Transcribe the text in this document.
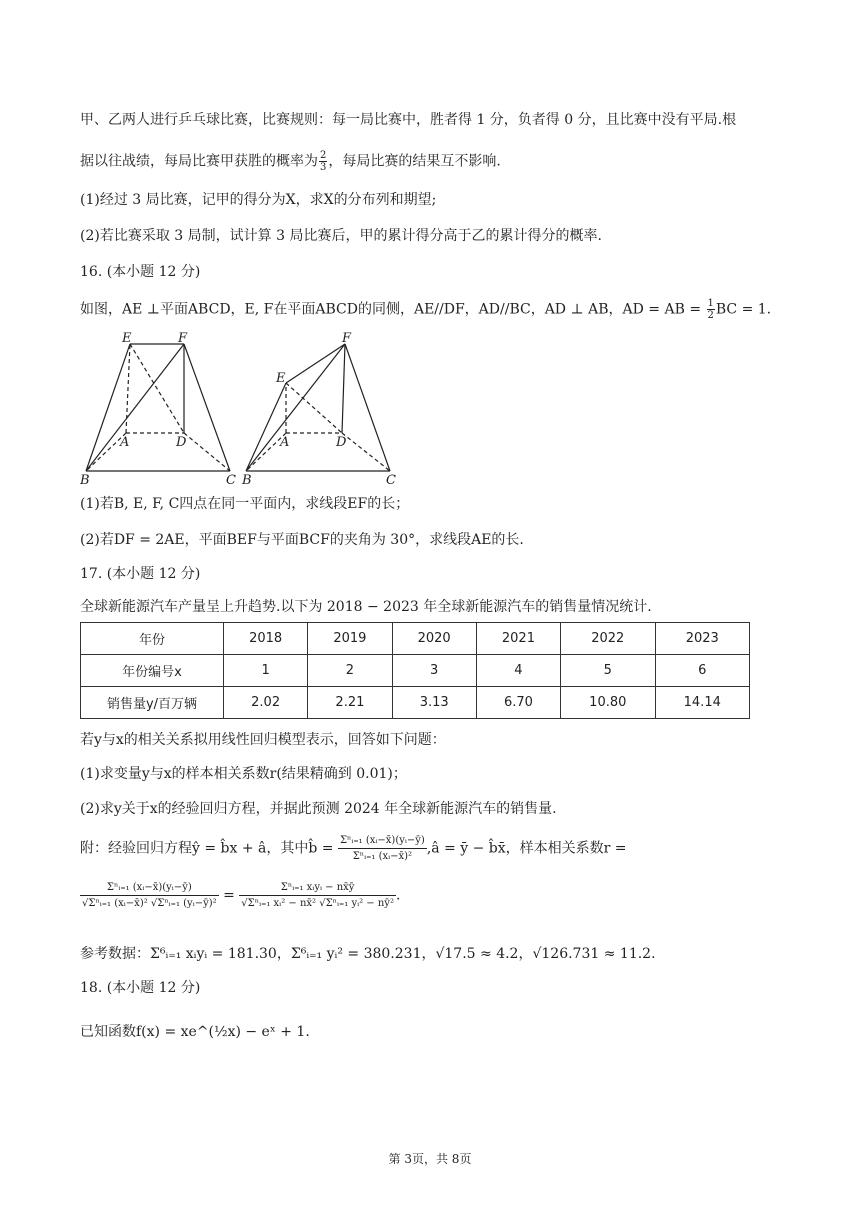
甲、乙两人进行乒乓球比赛，比赛规则：每一局比赛中，胜者得 1 分，负者得 0 分，且比赛中没有平局.根
据以往战绩，每局比赛甲获胜的概率为 $\frac{2}{3}$ ，每局比赛的结果互不影响.
(1)经过 3 局比赛，记甲的得分为X，求X的分布列和期望;
(2)若比赛采取 3 局制，试计算 3 局比赛后，甲的累计得分高于乙的累计得分的概率.
16. (本小题 12 分)
如图，AE ⊥平面ABCD，E, F在平面ABCD的同侧，AE//DF，AD//BC，AD ⊥ AB，AD = AB = $\frac{1}{2}$ BC = 1.
E	F
A	D
B	C
E
F
A	D
B	C
(1)若B, E, F, C四点在同一平面内，求线段EF的长；
(2)若DF = 2AE，平面BEF与平面BCF的夹角为 30°，求线段AE的长.
17. (本小题 12 分)
全球新能源汽车产量呈上升趋势.以下为 2018 − 2023 年全球新能源汽车的销售量情况统计.
年份	2018	2019	2020	2021	2022	2023
年份编号x	1	2	3	4	5	6
销售量y/百万辆	2.02	2.21	3.13	6.70	10.80	14.14
若y与x的相关关系拟用线性回归模型表示，回答如下问题：
(1)求变量y与x的样本相关系数r(结果精确到 0.01)；
(2)求y关于x的经验回归方程，并据此预测 2024 年全球新能源汽车的销售量.
附：经验回归方程ŷ = b̂x + â，其中b̂ = $\frac{\text{Σⁿᵢ₌₁ (xᵢ−x̄)(yᵢ−ȳ)}}{\text{Σⁿᵢ₌₁ (xᵢ−x̄)²}}$ ,â = ȳ − b̂x̄，样本相关系数r =
$\frac{\text{Σⁿᵢ₌₁ (xᵢ−x̄)(yᵢ−ȳ)}}{\text{√Σⁿᵢ₌₁ (xᵢ−x̄)² √Σⁿᵢ₌₁ (yᵢ−ȳ)²}} = \frac{\text{Σⁿᵢ₌₁ xᵢyᵢ − nx̄ȳ}}{\text{√Σⁿᵢ₌₁ xᵢ² − nx̄² √Σⁿᵢ₌₁ yᵢ² − nȳ²}}$ .
参考数据：Σ⁶ᵢ₌₁ xᵢyᵢ = 181.30，Σ⁶ᵢ₌₁ yᵢ² = 380.231，√17.5 ≈ 4.2，√126.731 ≈ 11.2.
18. (本小题 12 分)
已知函数f(x) = xe^(½x) − eˣ + 1.
第 3页，共 8页
